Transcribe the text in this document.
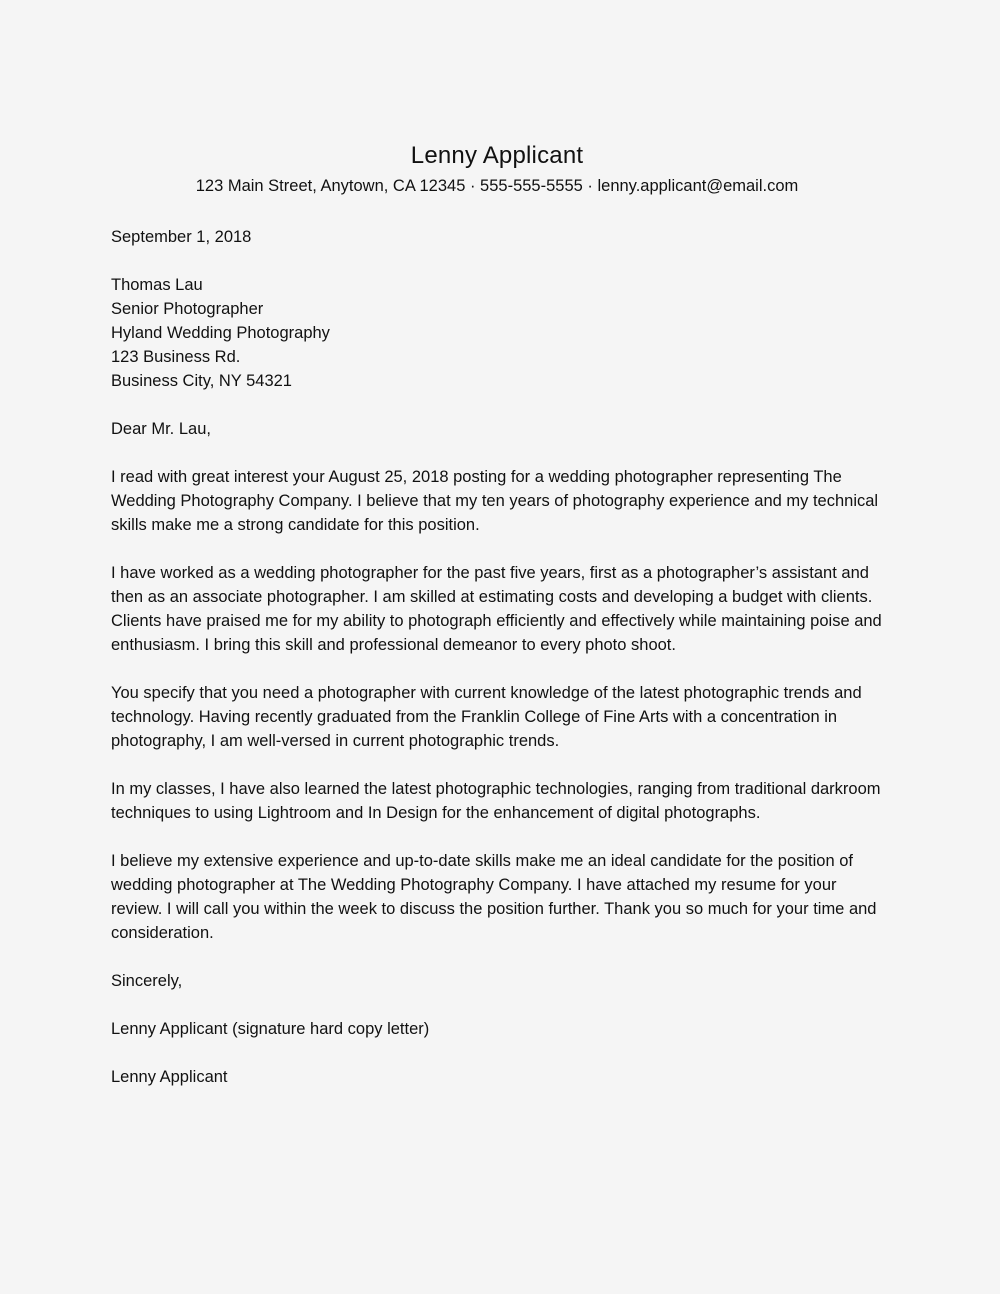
Lenny Applicant
123 Main Street, Anytown, CA 12345 · 555-555-5555 · lenny.applicant@email.com
September 1, 2018
Thomas Lau
Senior Photographer
Hyland Wedding Photography
123 Business Rd.
Business City, NY 54321
Dear Mr. Lau,
I read with great interest your August 25, 2018 posting for a wedding photographer representing The Wedding Photography Company. I believe that my ten years of photography experience and my technical skills make me a strong candidate for this position.
I have worked as a wedding photographer for the past five years, first as a photographer’s assistant and then as an associate photographer. I am skilled at estimating costs and developing a budget with clients. Clients have praised me for my ability to photograph efficiently and effectively while maintaining poise and enthusiasm. I bring this skill and professional demeanor to every photo shoot.
You specify that you need a photographer with current knowledge of the latest photographic trends and technology. Having recently graduated from the Franklin College of Fine Arts with a concentration in photography, I am well-versed in current photographic trends.
In my classes, I have also learned the latest photographic technologies, ranging from traditional darkroom techniques to using Lightroom and In Design for the enhancement of digital photographs.
I believe my extensive experience and up-to-date skills make me an ideal candidate for the position of wedding photographer at The Wedding Photography Company. I have attached my resume for your review. I will call you within the week to discuss the position further. Thank you so much for your time and consideration.
Sincerely,
Lenny Applicant (signature hard copy letter)
Lenny Applicant
